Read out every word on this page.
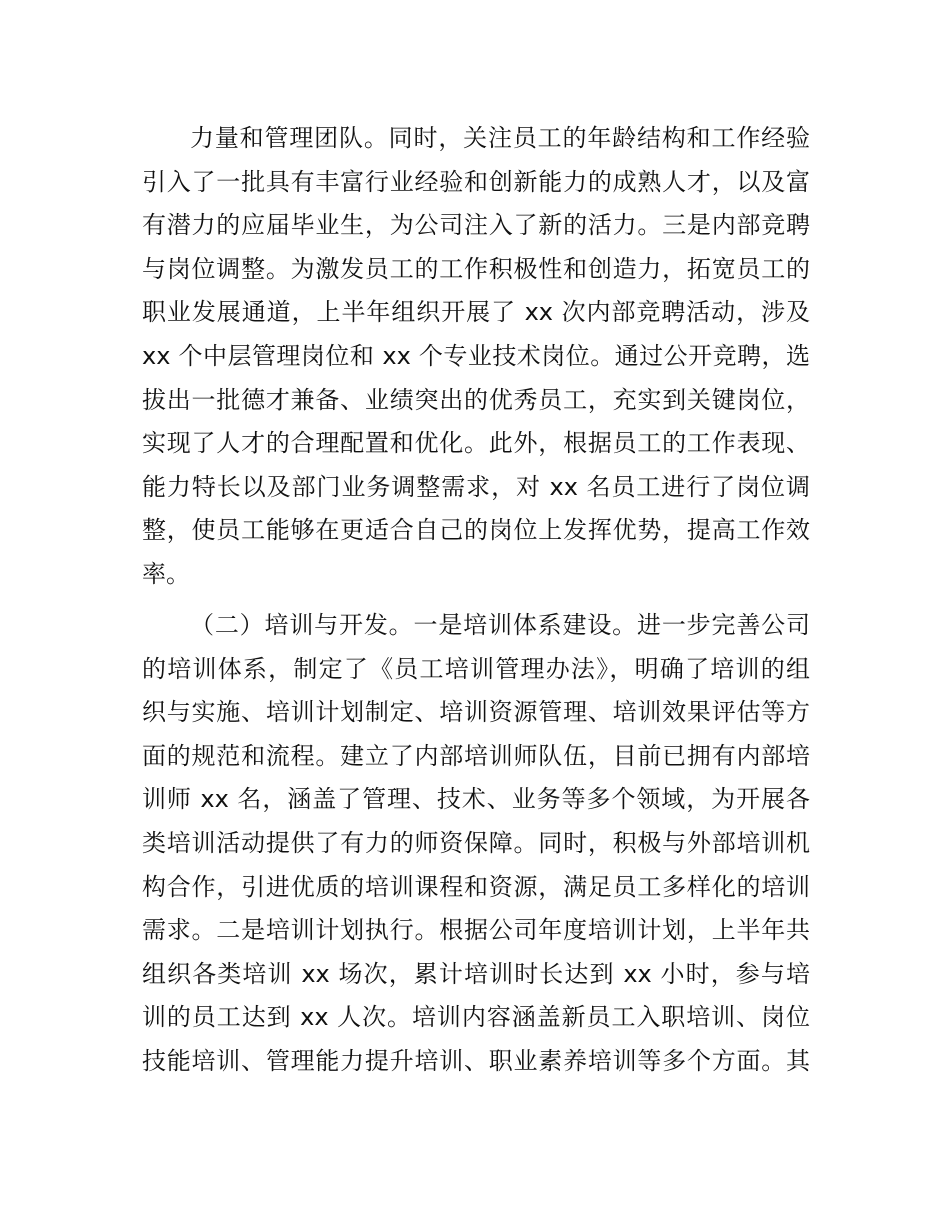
力量和管理团队。同时，关注员工的年龄结构和工作经验
引入了一批具有丰富行业经验和创新能力的成熟人才，以及富
有潜力的应届毕业生，为公司注入了新的活力。三是内部竞聘
与岗位调整。为激发员工的工作积极性和创造力，拓宽员工的
职业发展通道，上半年组织开展了 xx 次内部竞聘活动，涉及
xx 个中层管理岗位和 xx 个专业技术岗位。通过公开竞聘，选
拔出一批德才兼备、业绩突出的优秀员工，充实到关键岗位，
实现了人才的合理配置和优化。此外，根据员工的工作表现、
能力特长以及部门业务调整需求，对 xx 名员工进行了岗位调
整，使员工能够在更适合自己的岗位上发挥优势，提高工作效
率。
（二）培训与开发。一是培训体系建设。进一步完善公司
的培训体系，制定了《员工培训管理办法》，明确了培训的组
织与实施、培训计划制定、培训资源管理、培训效果评估等方
面的规范和流程。建立了内部培训师队伍，目前已拥有内部培
训师 xx 名，涵盖了管理、技术、业务等多个领域，为开展各
类培训活动提供了有力的师资保障。同时，积极与外部培训机
构合作，引进优质的培训课程和资源，满足员工多样化的培训
需求。二是培训计划执行。根据公司年度培训计划，上半年共
组织各类培训 xx 场次，累计培训时长达到 xx 小时，参与培
训的员工达到 xx 人次。培训内容涵盖新员工入职培训、岗位
技能培训、管理能力提升培训、职业素养培训等多个方面。其
